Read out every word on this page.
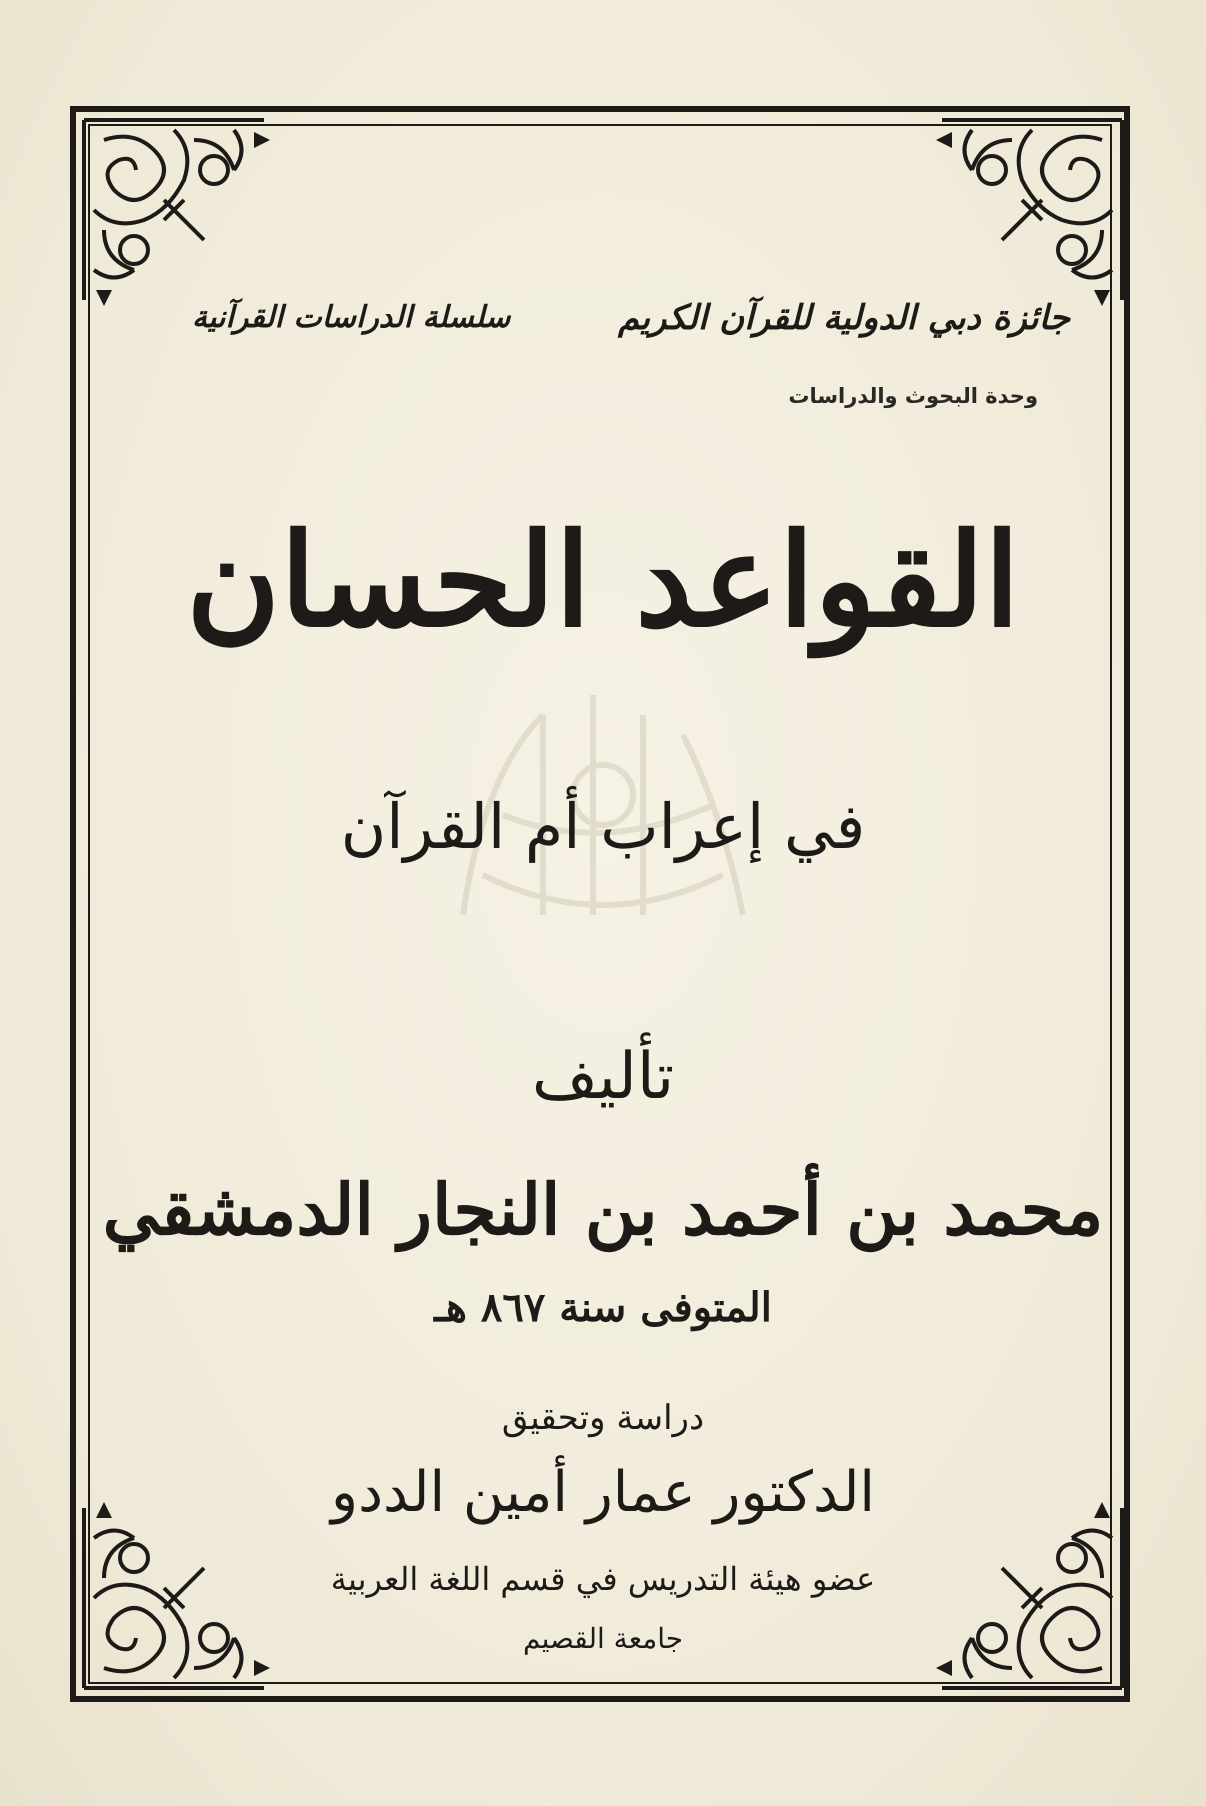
جائزة دبي الدولية للقرآن الكريم
وحدة البحوث والدراسات
سلسلة الدراسات القرآنية
القواعد الحسان
في إعراب أم القرآن
تأليف
محمد بن أحمد بن النجار الدمشقي
المتوفى سنة ٨٦٧ هـ
دراسة وتحقيق
الدكتور عمار أمين الددو
عضو هيئة التدريس في قسم اللغة العربية
جامعة القصيم
